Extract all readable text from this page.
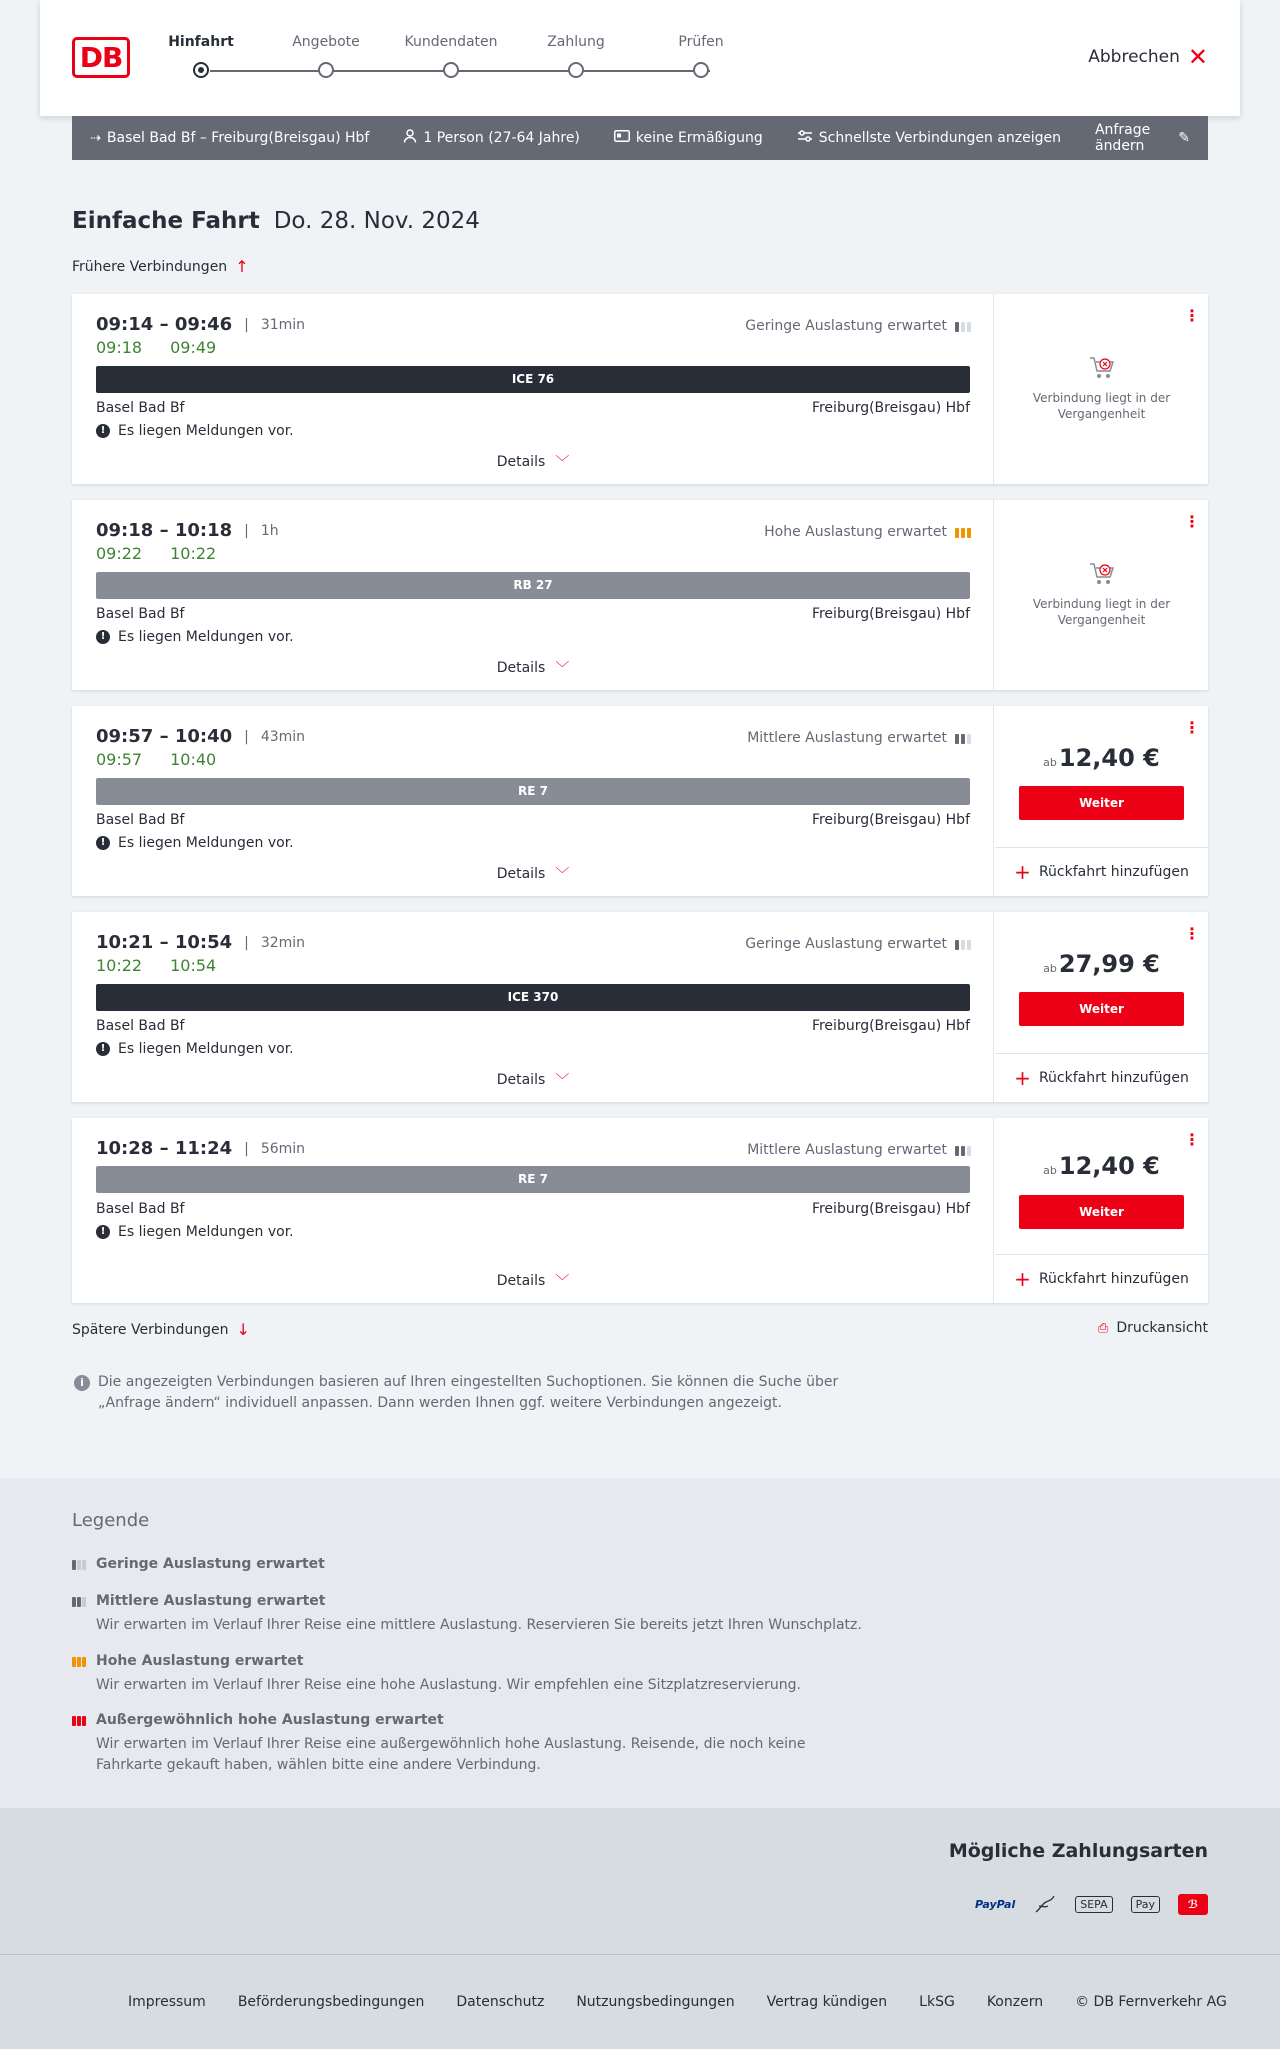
DB	Hinfahrt	Angebote	Kundendaten	Zahlung	Prüfen
Abbrechen ✕
⇢ Basel Bad Bf – Freiburg(Breisgau) Hbf	1 Person (27-64 Jahre)	keine Ermäßigung	Schnellste Verbindungen anzeigen Anfrage ändern	✎
Einfache Fahrt Do. 28. Nov. 2024
Frühere Verbindungen ↑
09:14 – 09:46 | 31min
09:18 09:49
Geringe Auslastung erwartet
ICE 76
Basel Bad Bf	Freiburg(Breisgau) Hbf
! Es liegen Meldungen vor.
Details ﹀
⋮
Verbindung liegt in der Vergangenheit
09:18 – 10:18 | 1h
09:22 10:22
Hohe Auslastung erwartet
RB 27
Basel Bad Bf	Freiburg(Breisgau) Hbf
! Es liegen Meldungen vor.
Details ﹀
⋮
Verbindung liegt in der Vergangenheit
09:57 – 10:40 | 43min
09:57 10:40
Mittlere Auslastung erwartet
RE 7
Basel Bad Bf	Freiburg(Breisgau) Hbf
! Es liegen Meldungen vor.
Details ﹀
⋮
ab12,40 €
Weiter
+ Rückfahrt hinzufügen
10:21 – 10:54 | 32min
10:22 10:54
Geringe Auslastung erwartet
ICE 370
Basel Bad Bf	Freiburg(Breisgau) Hbf
! Es liegen Meldungen vor.
Details ﹀
⋮
ab27,99 €
Weiter
+ Rückfahrt hinzufügen
10:28 – 11:24 | 56min	Mittlere Auslastung erwartet
RE 7
Basel Bad Bf	Freiburg(Breisgau) Hbf
! Es liegen Meldungen vor.
Details ﹀
⋮
ab12,40 €
Weiter
+ Rückfahrt hinzufügen
Spätere Verbindungen ↓	⎙ Druckansicht
i	Die angezeigten Verbindungen basieren auf Ihren eingestellten Suchoptionen. Sie können die Suche über „Anfrage ändern“ individuell anpassen. Dann werden Ihnen ggf. weitere Verbindungen angezeigt.
Legende
Geringe Auslastung erwartet
Mittlere Auslastung erwartet
Wir erwarten im Verlauf Ihrer Reise eine mittlere Auslastung. Reservieren Sie bereits jetzt Ihren Wunschplatz.
Hohe Auslastung erwartet
Wir erwarten im Verlauf Ihrer Reise eine hohe Auslastung. Wir empfehlen eine Sitzplatzreservierung.
Außergewöhnlich hohe Auslastung erwartet
Wir erwarten im Verlauf Ihrer Reise eine außergewöhnlich hohe Auslastung. Reisende, die noch keine Fahrkarte gekauft haben, wählen bitte eine andere Verbindung.
Mögliche Zahlungsarten
PayPal	SEPA	Pay	ℬ
Impressum Beförderungsbedingungen Datenschutz Nutzungsbedingungen Vertrag kündigen LkSG Konzern © DB Fernverkehr AG
